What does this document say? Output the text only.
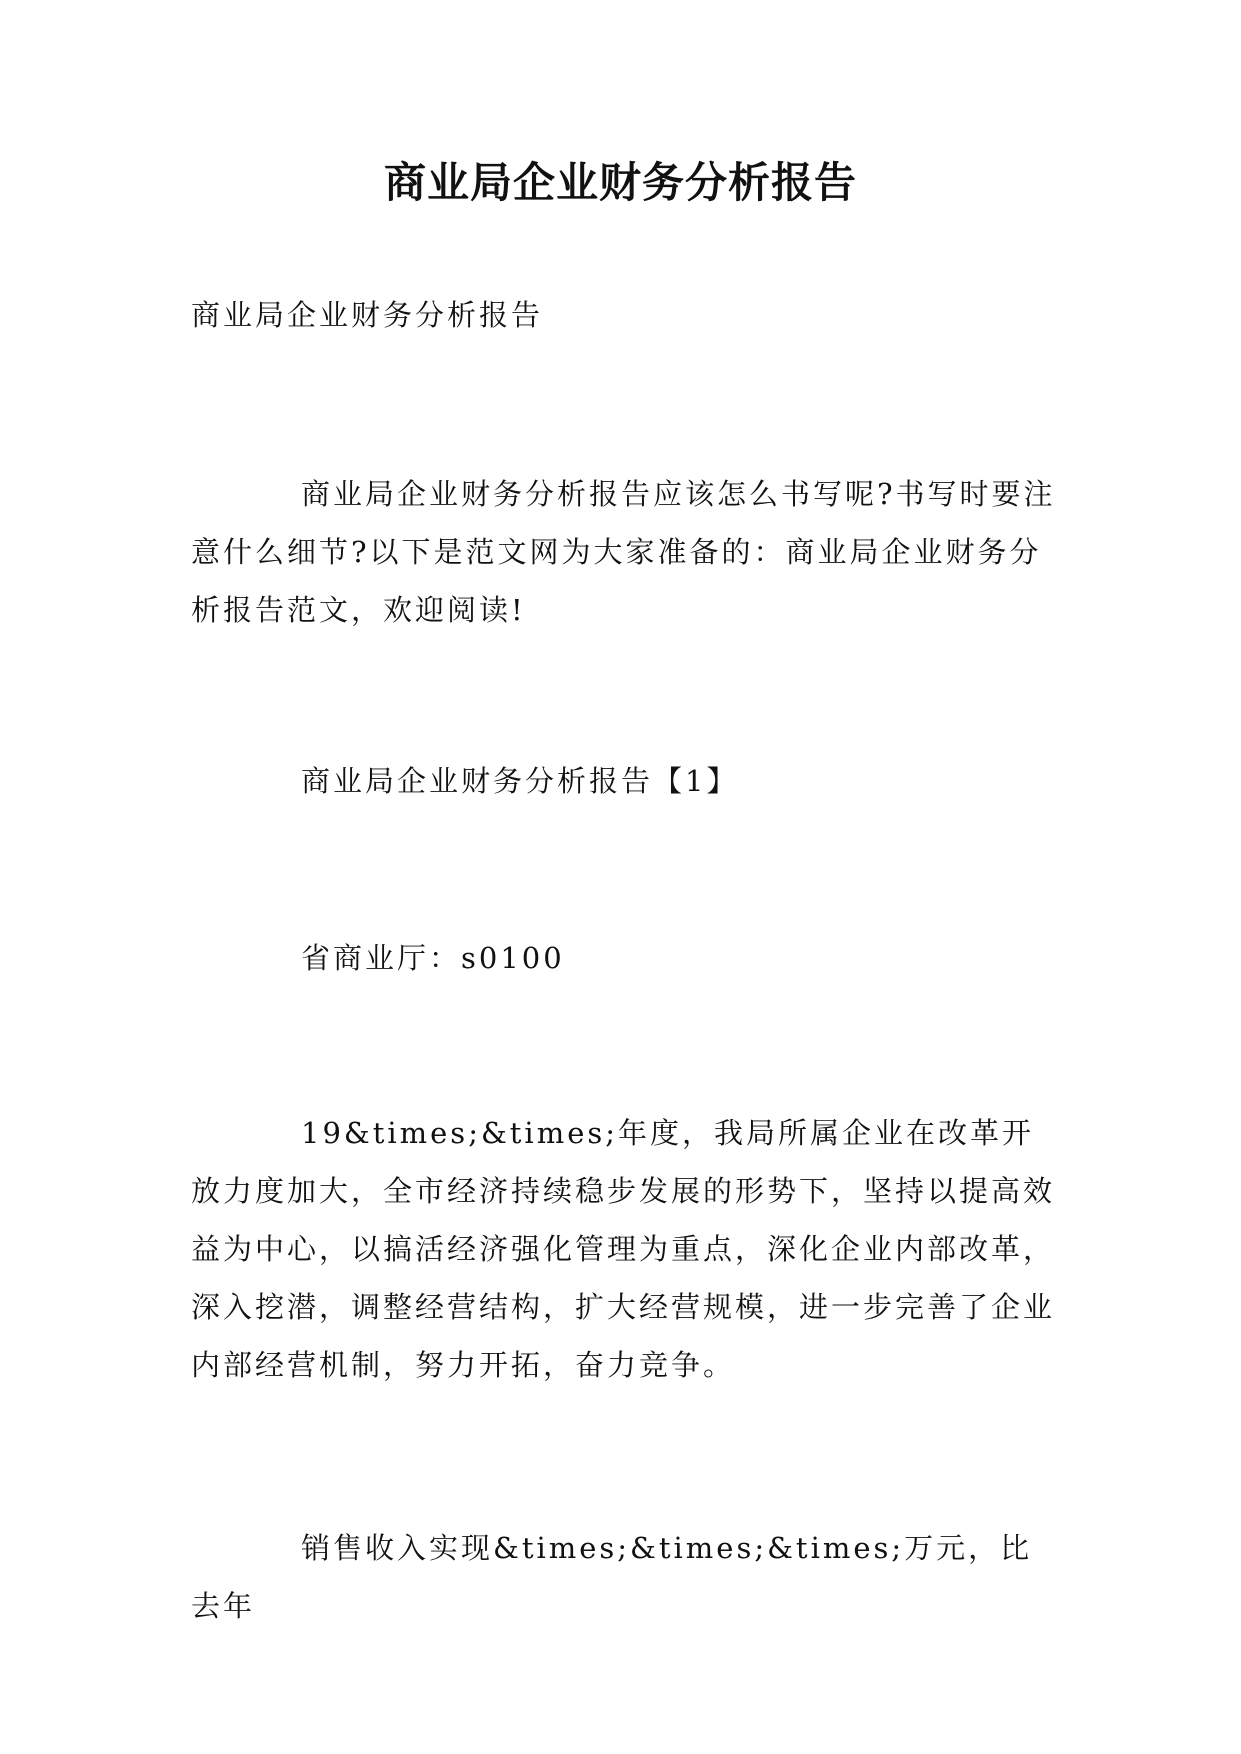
商业局企业财务分析报告
商业局企业财务分析报告
商业局企业财务分析报告应该怎么书写呢?书写时要注意什么细节?以下是范文网为大家准备的：商业局企业财务分析报告范文，欢迎阅读!
商业局企业财务分析报告【1】
省商业厅：s0100
19&times;&times;年度，我局所属企业在改革开放力度加大，全市经济持续稳步发展的形势下，坚持以提高效益为中心，以搞活经济强化管理为重点，深化企业内部改革，深入挖潜，调整经营结构，扩大经营规模，进一步完善了企业内部经营机制，努力开拓，奋力竞争。
销售收入实现&times;&times;&times;万元，比去年
